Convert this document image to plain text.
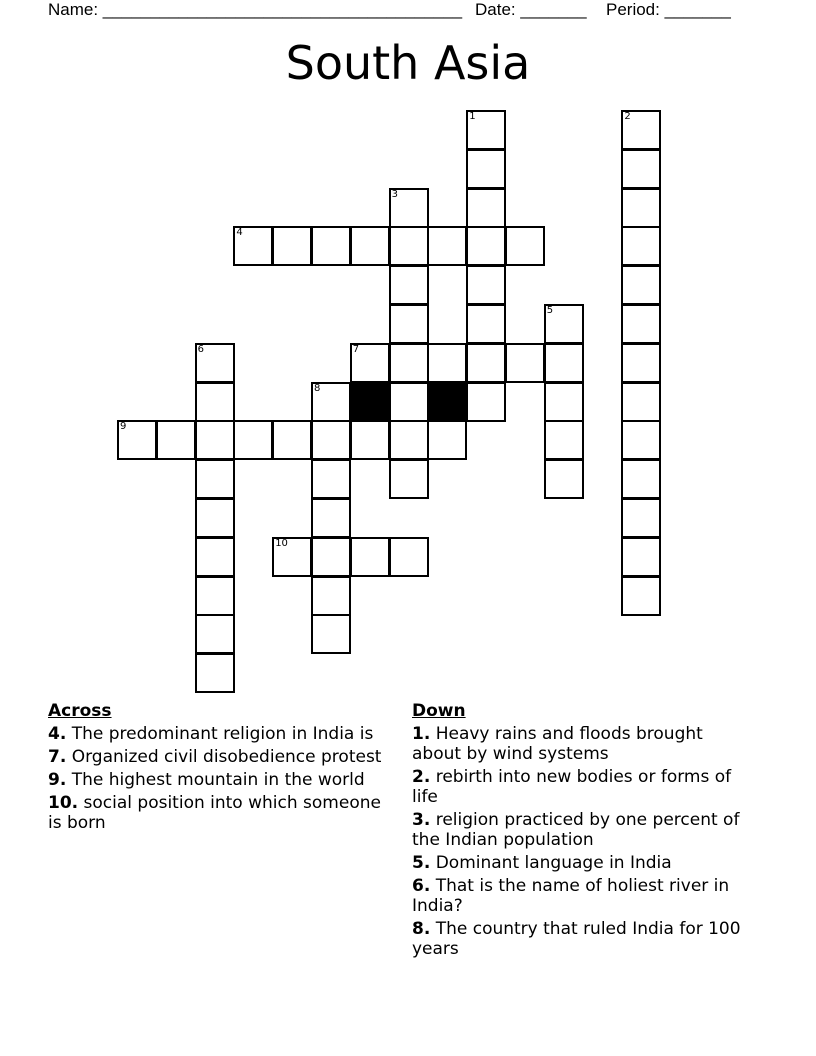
Name: ______________________________________ Date: _______ Period: _______
South Asia
1	2
3
4
5
6	7
8
9
10
Across
4. The predominant religion in India is
7. Organized civil disobedience protest
9. The highest mountain in the world
10. social position into which someone is born
Down
1. Heavy rains and floods brought about by wind systems
2. rebirth into new bodies or forms of life
3. religion practiced by one percent of the Indian population
5. Dominant language in India
6. That is the name of holiest river in India?
8. The country that ruled India for 100 years
